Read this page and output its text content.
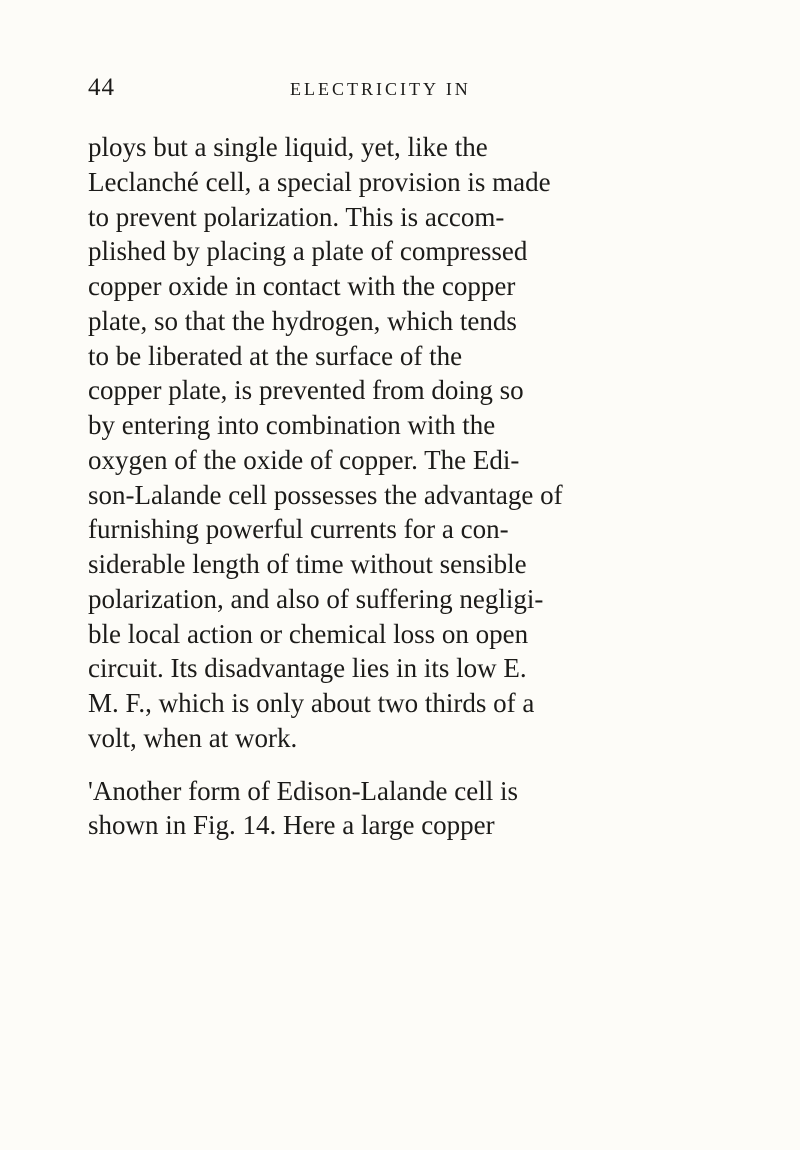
44	ELECTRICITY IN
ploys but a single liquid, yet, like the
Leclanché cell, a special provision is made
to prevent polarization. This is accom-
plished by placing a plate of compressed
copper oxide in contact with the copper
plate, so that the hydrogen, which tends
to be liberated at the surface of the
copper plate, is prevented from doing so
by entering into combination with the
oxygen of the oxide of copper. The Edi-
son-Lalande cell possesses the advantage of
furnishing powerful currents for a con-
siderable length of time without sensible
polarization, and also of suffering negligi-
ble local action or chemical loss on open
circuit. Its disadvantage lies in its low E.
M. F., which is only about two thirds of a
volt, when at work.
'Another form of Edison-Lalande cell is
shown in Fig. 14. Here a large copper
